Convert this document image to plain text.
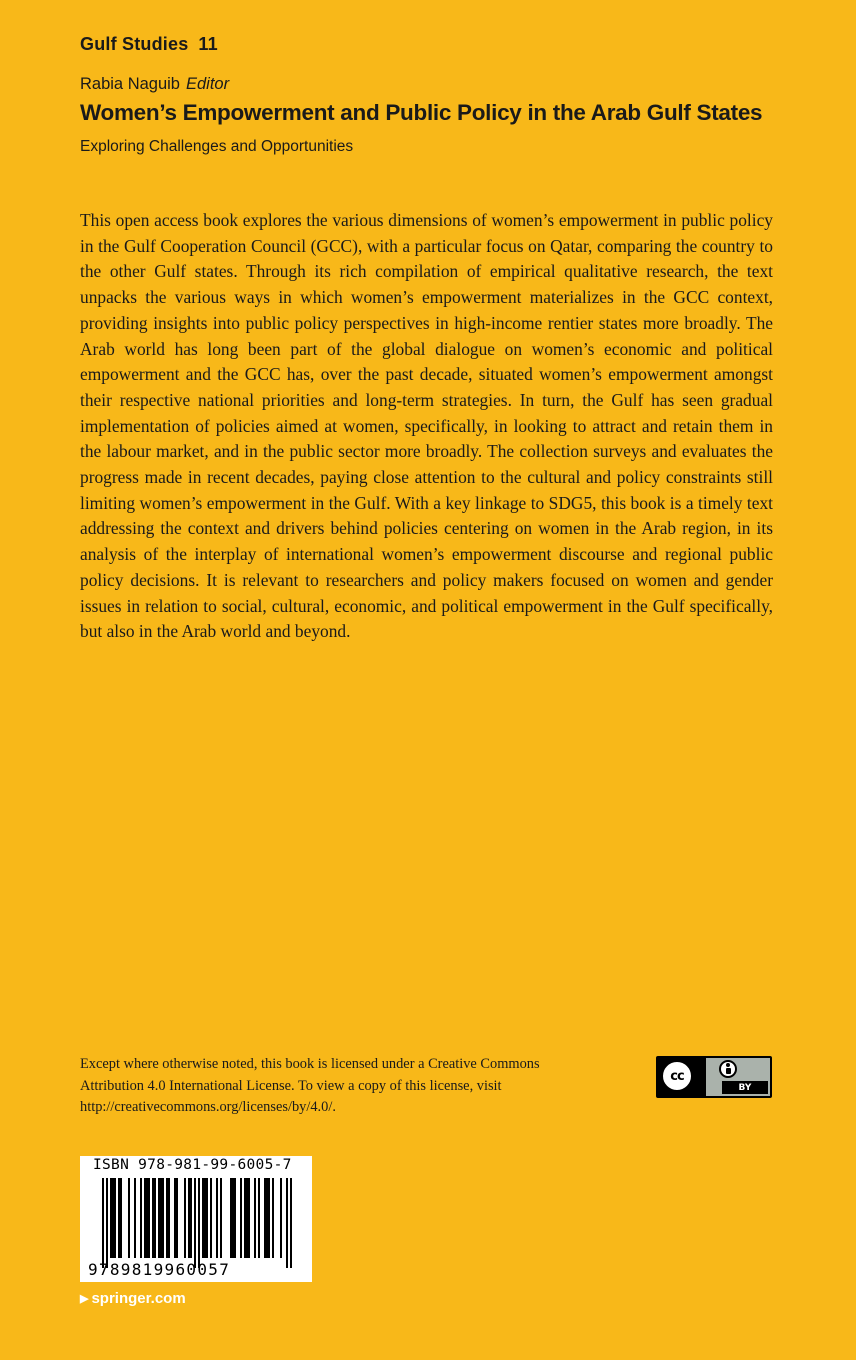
Gulf Studies 11
Rabia Naguib Editor
Women’s Empowerment and Public Policy in the Arab Gulf States
Exploring Challenges and Opportunities

This open access book explores the various dimensions of women’s empowerment in public policy in the Gulf Cooperation Council (GCC), with a particular focus on Qatar, comparing the country to the other Gulf states. Through its rich compilation of empirical qualitative research, the text unpacks the various ways in which women’s empowerment materializes in the GCC context, providing insights into public policy perspectives in high-income rentier states more broadly. The Arab world has long been part of the global dialogue on women’s economic and political empowerment and the GCC has, over the past decade, situated women’s empowerment amongst their respective national priorities and long-term strategies. In turn, the Gulf has seen gradual implementation of policies aimed at women, specifically, in looking to attract and retain them in the labour market, and in the public sector more broadly. The collection surveys and evaluates the progress made in recent decades, paying close attention to the cultural and policy constraints still limiting women’s empowerment in the Gulf. With a key linkage to SDG5, this book is a timely text addressing the context and drivers behind policies centering on women in the Arab region, in its analysis of the interplay of international women’s empowerment discourse and regional public policy decisions. It is relevant to researchers and policy makers focused on women and gender issues in relation to social, cultural, economic, and political empowerment in the Gulf specifically, but also in the Arab world and beyond.

Except where otherwise noted, this book is licensed under a Creative Commons Attribution 4.0 International License. To view a copy of this license, visit http://creativecommons.org/licenses/by/4.0/.

cc
BY
ISBN 978-981-99-6005-7
9789819960057
▶ springer.com
